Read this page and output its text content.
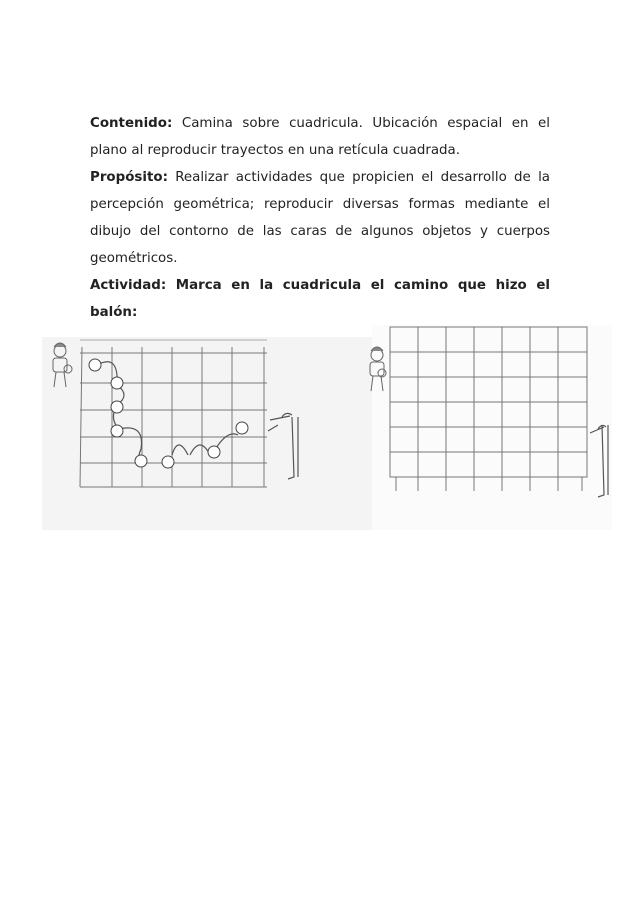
Contenido: Camina sobre cuadricula. Ubicación espacial en el plano al reproducir trayectos en una retícula cuadrada.

Propósito: Realizar actividades que propicien el desarrollo de la percepción geométrica; reproducir diversas formas mediante el dibujo del contorno de las caras de algunos objetos y cuerpos geométricos.

Actividad: Marca en la cuadricula el camino que hizo el balón:
